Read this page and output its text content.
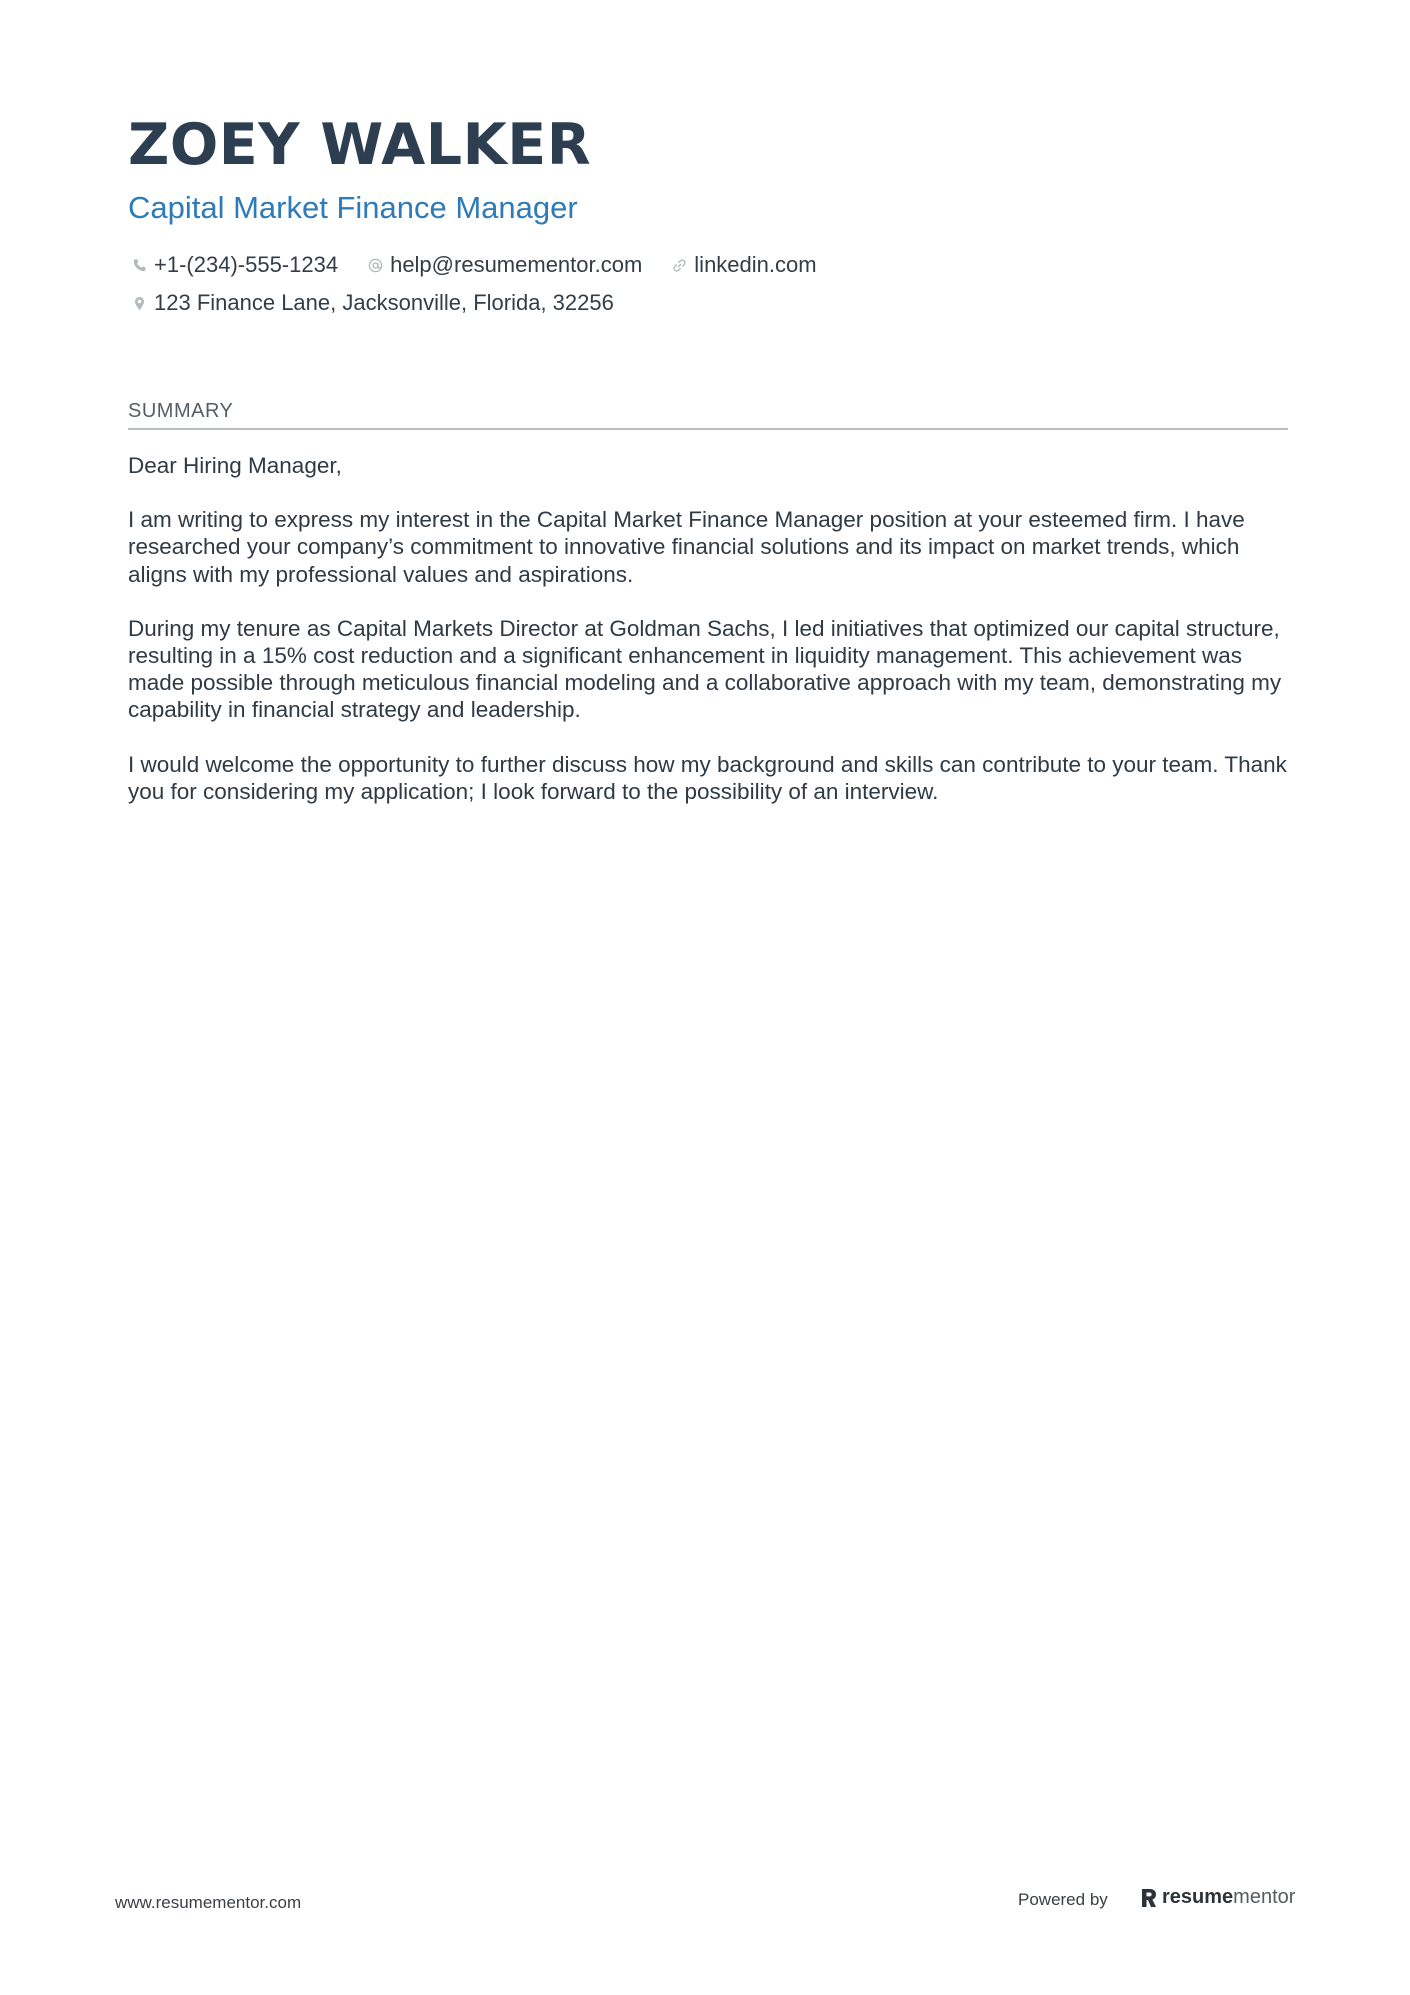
ZOEY WALKER
Capital Market Finance Manager
+1-(234)-555-1234 help@resumementor.com linkedin.com
123 Finance Lane, Jacksonville, Florida, 32256
SUMMARY

Dear Hiring Manager,

I am writing to express my interest in the Capital Market Finance Manager position at your esteemed firm. I have researched your company’s commitment to innovative financial solutions and its impact on market trends, which aligns with my professional values and aspirations.

During my tenure as Capital Markets Director at Goldman Sachs, I led initiatives that optimized our capital structure, resulting in a 15% cost reduction and a significant enhancement in liquidity management. This achievement was made possible through meticulous financial modeling and a collaborative approach with my team, demonstrating my capability in financial strategy and leadership.

I would welcome the opportunity to further discuss how my background and skills can contribute to your team. Thank you for considering my application; I look forward to the possibility of an interview.

www.resumementor.com	Powered by	resume mentor
